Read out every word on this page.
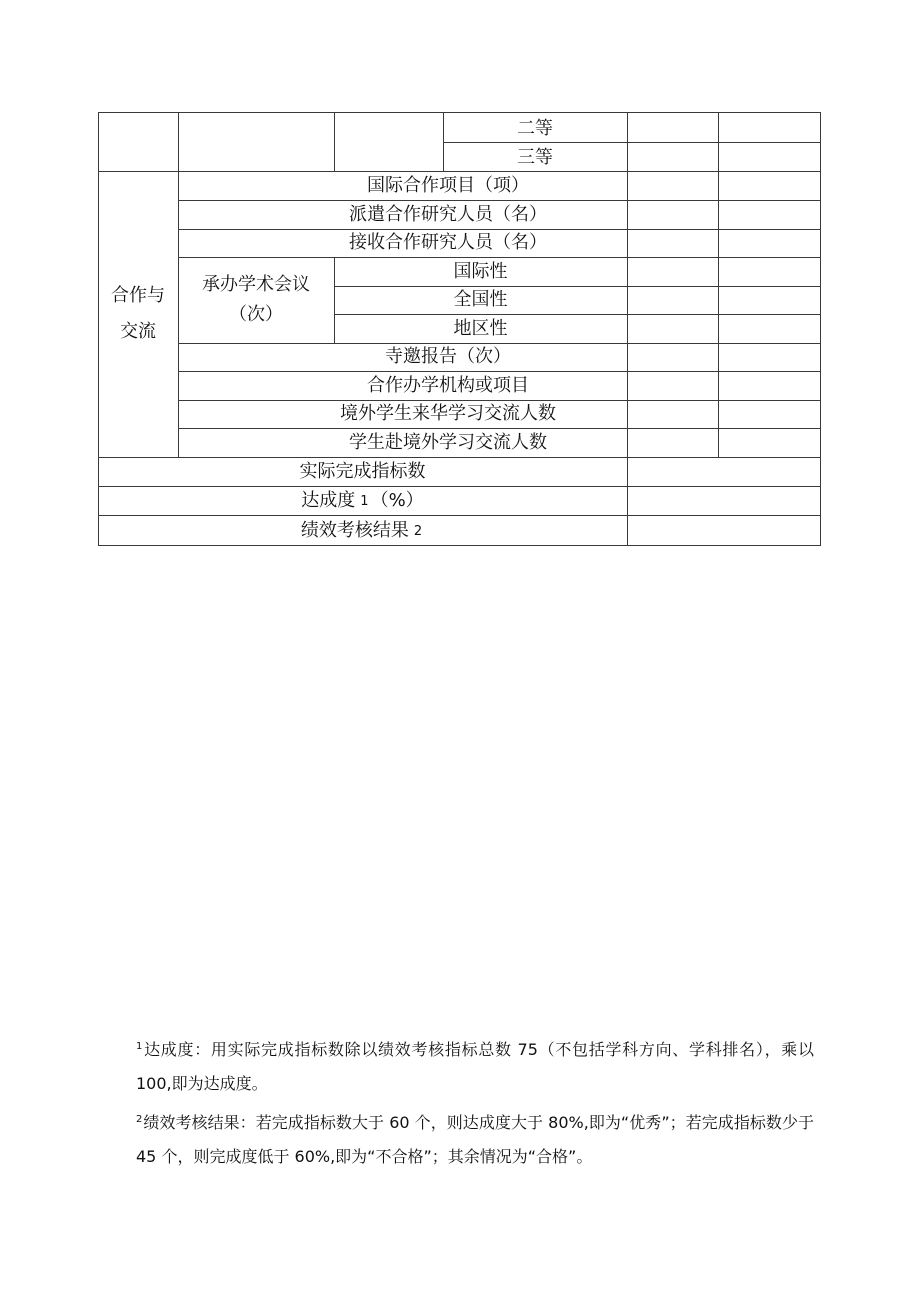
二等
三等
合作与
交流
国际合作项目（项）
派遣合作研究人员（名）
接收合作研究人员（名）
承办学术会议
（次）
国际性
全国性
地区性
寺邀报告（次）
合作办学机构或项目
境外学生来华学习交流人数
学生赴境外学习交流人数
实际完成指标数
达成度 1 （%）
绩效考核结果 2

$^1$达成度：用实际完成指标数除以绩效考核指标总数 75（不包括学科方向、学科排名），乘以 100,即为达成度。

$^2$绩效考核结果：若完成指标数大于 60 个，则达成度大于 80%,即为“优秀”；若完成指标数少于 45 个，则完成度低于 60%,即为“不合格”；其余情况为“合格”。
